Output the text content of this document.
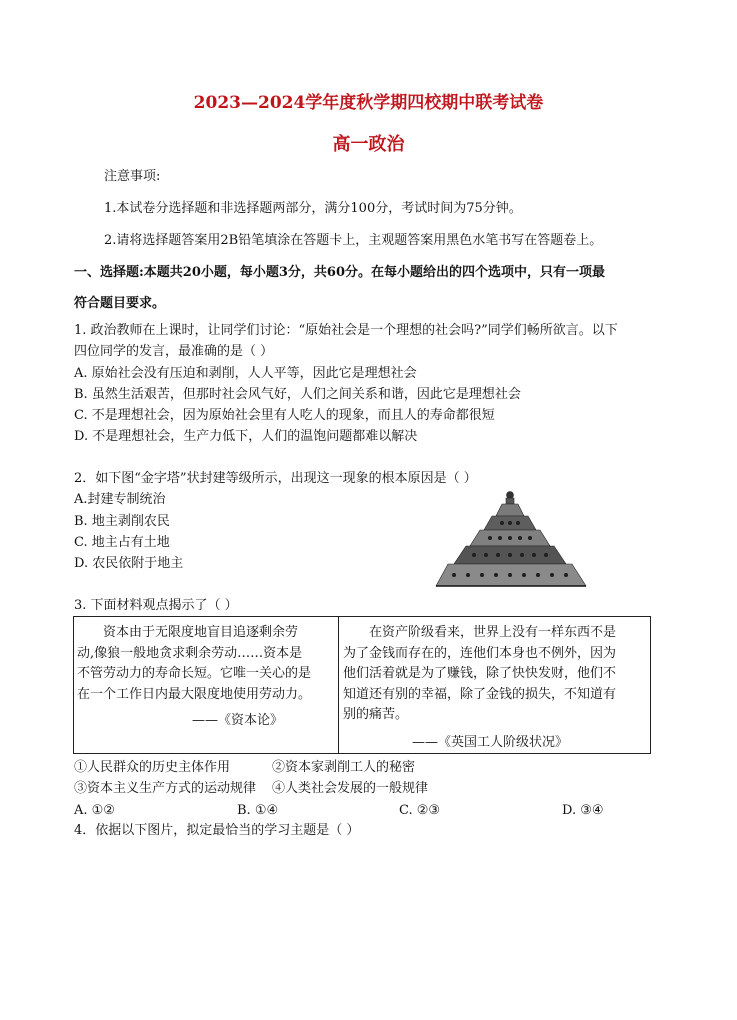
2023—2024学年度秋学期四校期中联考试卷
高一政治
注意事项:
1.本试卷分选择题和非选择题两部分，满分100分，考试时间为75分钟。
2.请将选择题答案用2B铅笔填涂在答题卡上，主观题答案用黑色水笔书写在答题卷上。
一、选择题:本题共20小题，每小题3分，共60分。在每小题给出的四个选项中，只有一项最
符合题目要求。
1. 政治教师在上课时，让同学们讨论：“原始社会是一个理想的社会吗?”同学们畅所欲言。以下
四位同学的发言，最准确的是（ ）
A. 原始社会没有压迫和剥削，人人平等，因此它是理想社会
B. 虽然生活艰苦，但那时社会风气好，人们之间关系和谐，因此它是理想社会
C. 不是理想社会，因为原始社会里有人吃人的现象，而且人的寿命都很短
D. 不是理想社会，生产力低下，人们的温饱问题都难以解决
2．如下图“金字塔”状封建等级所示，出现这一现象的根本原因是（ ）
A.封建专制统治
B. 地主剥削农民
C. 地主占有土地
D. 农民依附于地主
3. 下面材料观点揭示了（ ）
资本由于无限度地盲目追逐剩余劳
动,像狼一般地贪求剩余劳动……资本是
不管劳动力的寿命长短。它唯一关心的是
在一个工作日内最大限度地使用劳动力。
——《资本论》
在资产阶级看来，世界上没有一样东西不是
为了金钱而存在的，连他们本身也不例外，因为
他们活着就是为了赚钱，除了快快发财，他们不
知道还有别的幸福，除了金钱的损失，不知道有
别的痛苦。
——《英国工人阶级状况》
①人民群众的历史主体作用	②资本家剥削工人的秘密
③资本主义生产方式的运动规律 ④人类社会发展的一般规律
A. ①②	B. ①④	C. ②③	D. ③④
4．依据以下图片，拟定最恰当的学习主题是（ ）
